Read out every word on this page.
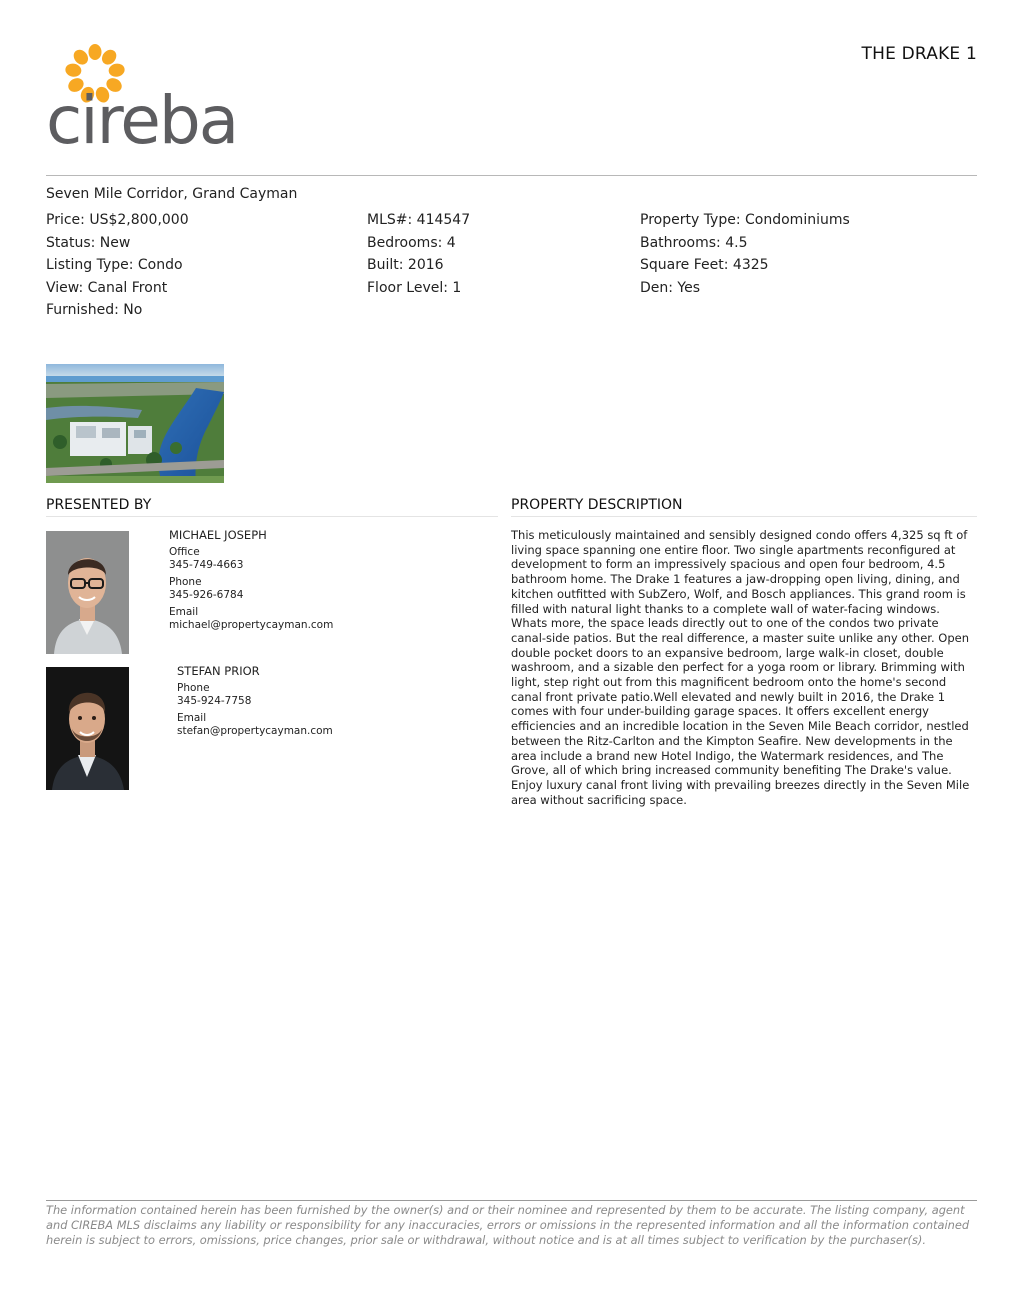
cireba
THE DRAKE 1
Seven Mile Corridor, Grand Cayman
Price: US$2,800,000
Status: New
Listing Type: Condo
View: Canal Front
Furnished: No
MLS#: 414547
Bedrooms: 4
Built: 2016
Floor Level: 1
Property Type: Condominiums
Bathrooms: 4.5
Square Feet: 4325
Den: Yes
PRESENTED BY	PROPERTY DESCRIPTION
MICHAEL JOSEPH
Office
345-749-4663
Phone
345-926-6784
Email
michael@propertycayman.com
STEFAN PRIOR
Phone
345-924-7758
Email
stefan@propertycayman.com
This meticulously maintained and sensibly designed condo offers 4,325 sq ft of living space spanning one entire floor. Two single apartments reconfigured at development to form an impressively spacious and open four bedroom, 4.5 bathroom home. The Drake 1 features a jaw-dropping open living, dining, and kitchen outfitted with SubZero, Wolf, and Bosch appliances. This grand room is filled with natural light thanks to a complete wall of water-facing windows. Whats more, the space leads directly out to one of the condos two private canal-side patios. But the real difference, a master suite unlike any other. Open double pocket doors to an expansive bedroom, large walk-in closet, double washroom, and a sizable den perfect for a yoga room or library. Brimming with light, step right out from this magnificent bedroom onto the home's second canal front private patio.Well elevated and newly built in 2016, the Drake 1 comes with four under-building garage spaces. It offers excellent energy efficiencies and an incredible location in the Seven Mile Beach corridor, nestled between the Ritz-Carlton and the Kimpton Seafire. New developments in the area include a brand new Hotel Indigo, the Watermark residences, and The Grove, all of which bring increased community benefiting The Drake's value. Enjoy luxury canal front living with prevailing breezes directly in the Seven Mile area without sacrificing space.
The information contained herein has been furnished by the owner(s) and or their nominee and represented by them to be accurate. The listing company, agent and CIREBA MLS disclaims any liability or responsibility for any inaccuracies, errors or omissions in the represented information and all the information contained herein is subject to errors, omissions, price changes, prior sale or withdrawal, without notice and is at all times subject to verification by the purchaser(s).
